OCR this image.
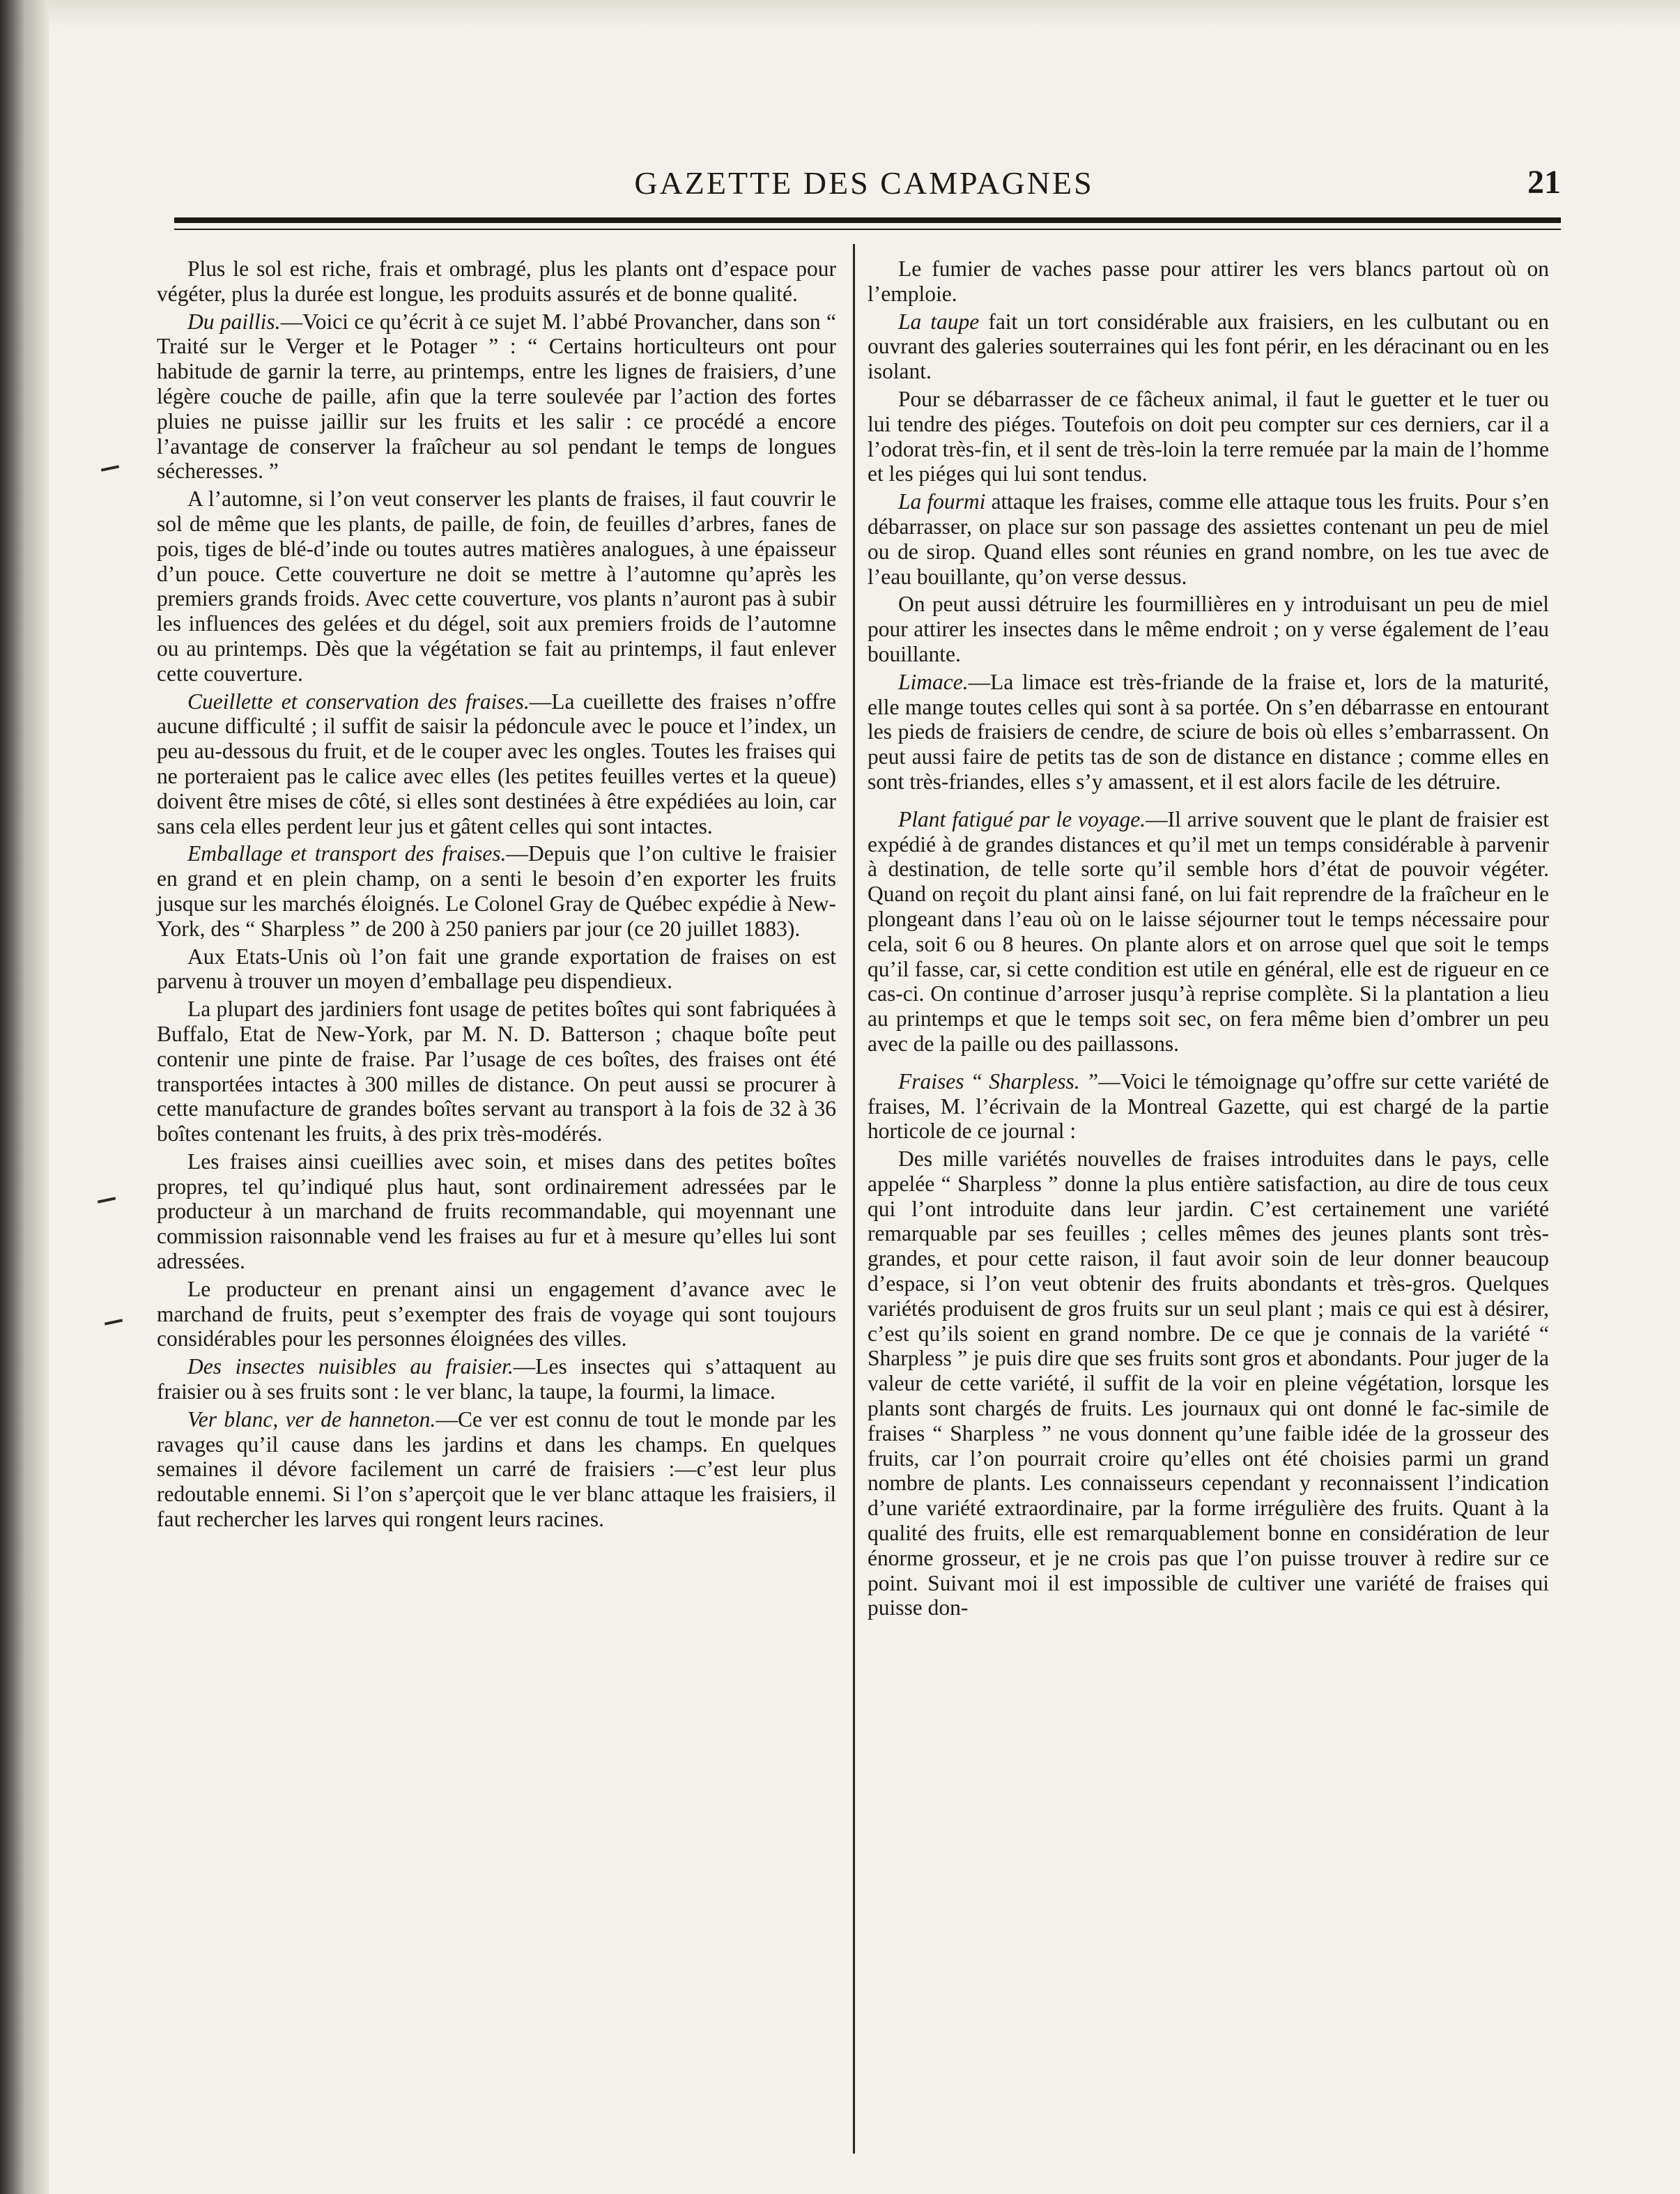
GAZETTE DES CAMPAGNES	21

Plus le sol est riche, frais et ombragé, plus les plants ont d’espace pour végéter, plus la durée est longue, les produits assurés et de bonne qualité.

Du paillis.—Voici ce qu’écrit à ce sujet M. l’abbé Provancher, dans son “ Traité sur le Verger et le Potager ” : “ Certains horticulteurs ont pour habitude de garnir la terre, au printemps, entre les lignes de fraisiers, d’une légère couche de paille, afin que la terre soulevée par l’action des fortes pluies ne puisse jaillir sur les fruits et les salir : ce procédé a encore l’avantage de conserver la fraîcheur au sol pendant le temps de longues sécheresses. ”

A l’automne, si l’on veut conserver les plants de fraises, il faut couvrir le sol de même que les plants, de paille, de foin, de feuilles d’arbres, fanes de pois, tiges de blé-d’inde ou toutes autres matières analogues, à une épaisseur d’un pouce. Cette couverture ne doit se mettre à l’automne qu’après les premiers grands froids. Avec cette couverture, vos plants n’auront pas à subir les influences des gelées et du dégel, soit aux premiers froids de l’automne ou au printemps. Dès que la végétation se fait au printemps, il faut enlever cette couverture.

Cueillette et conservation des fraises.—La cueillette des fraises n’offre aucune difficulté ; il suffit de saisir la pédoncule avec le pouce et l’index, un peu au-dessous du fruit, et de le couper avec les ongles. Toutes les fraises qui ne porteraient pas le calice avec elles (les petites feuilles vertes et la queue) doivent être mises de côté, si elles sont destinées à être expédiées au loin, car sans cela elles perdent leur jus et gâtent celles qui sont intactes.

Emballage et transport des fraises.—Depuis que l’on cultive le fraisier en grand et en plein champ, on a senti le besoin d’en exporter les fruits jusque sur les marchés éloignés. Le Colonel Gray de Québec expédie à New-York, des “ Sharpless ” de 200 à 250 paniers par jour (ce 20 juillet 1883).

Aux Etats-Unis où l’on fait une grande exportation de fraises on est parvenu à trouver un moyen d’emballage peu dispendieux.

La plupart des jardiniers font usage de petites boîtes qui sont fabriquées à Buffalo, Etat de New-York, par M. N. D. Batterson ; chaque boîte peut contenir une pinte de fraise. Par l’usage de ces boîtes, des fraises ont été transportées intactes à 300 milles de distance. On peut aussi se procurer à cette manufacture de grandes boîtes servant au transport à la fois de 32 à 36 boîtes contenant les fruits, à des prix très-modérés.

Les fraises ainsi cueillies avec soin, et mises dans des petites boîtes propres, tel qu’indiqué plus haut, sont ordinairement adressées par le producteur à un marchand de fruits recommandable, qui moyennant une commission raisonnable vend les fraises au fur et à mesure qu’elles lui sont adressées.

Le producteur en prenant ainsi un engagement d’avance avec le marchand de fruits, peut s’exempter des frais de voyage qui sont toujours considérables pour les personnes éloignées des villes.

Des insectes nuisibles au fraisier.—Les insectes qui s’attaquent au fraisier ou à ses fruits sont : le ver blanc, la taupe, la fourmi, la limace.

Ver blanc, ver de hanneton.—Ce ver est connu de tout le monde par les ravages qu’il cause dans les jardins et dans les champs. En quelques semaines il dévore facilement un carré de fraisiers :—c’est leur plus redoutable ennemi. Si l’on s’aperçoit que le ver blanc attaque les fraisiers, il faut rechercher les larves qui rongent leurs racines.

Le fumier de vaches passe pour attirer les vers blancs partout où on l’emploie.

La taupe fait un tort considérable aux fraisiers, en les culbutant ou en ouvrant des galeries souterraines qui les font périr, en les déracinant ou en les isolant.

Pour se débarrasser de ce fâcheux animal, il faut le guetter et le tuer ou lui tendre des piéges. Toutefois on doit peu compter sur ces derniers, car il a l’odorat très-fin, et il sent de très-loin la terre remuée par la main de l’homme et les piéges qui lui sont tendus.

La fourmi attaque les fraises, comme elle attaque tous les fruits. Pour s’en débarrasser, on place sur son passage des assiettes contenant un peu de miel ou de sirop. Quand elles sont réunies en grand nombre, on les tue avec de l’eau bouillante, qu’on verse dessus.

On peut aussi détruire les fourmillières en y introduisant un peu de miel pour attirer les insectes dans le même endroit ; on y verse également de l’eau bouillante.

Limace.—La limace est très-friande de la fraise et, lors de la maturité, elle mange toutes celles qui sont à sa portée. On s’en débarrasse en entourant les pieds de fraisiers de cendre, de sciure de bois où elles s’embarrassent. On peut aussi faire de petits tas de son de distance en distance ; comme elles en sont très-friandes, elles s’y amassent, et il est alors facile de les détruire.

Plant fatigué par le voyage.—Il arrive souvent que le plant de fraisier est expédié à de grandes distances et qu’il met un temps considérable à parvenir à destination, de telle sorte qu’il semble hors d’état de pouvoir végéter. Quand on reçoit du plant ainsi fané, on lui fait reprendre de la fraîcheur en le plongeant dans l’eau où on le laisse séjourner tout le temps nécessaire pour cela, soit 6 ou 8 heures. On plante alors et on arrose quel que soit le temps qu’il fasse, car, si cette condition est utile en général, elle est de rigueur en ce cas-ci. On continue d’arroser jusqu’à reprise complète. Si la plantation a lieu au printemps et que le temps soit sec, on fera même bien d’ombrer un peu avec de la paille ou des paillassons.

Fraises “ Sharpless. ”—Voici le témoignage qu’offre sur cette variété de fraises, M. l’écrivain de la Montreal Gazette, qui est chargé de la partie horticole de ce journal :

Des mille variétés nouvelles de fraises introduites dans le pays, celle appelée “ Sharpless ” donne la plus entière satisfaction, au dire de tous ceux qui l’ont introduite dans leur jardin. C’est certainement une variété remarquable par ses feuilles ; celles mêmes des jeunes plants sont très-grandes, et pour cette raison, il faut avoir soin de leur donner beaucoup d’espace, si l’on veut obtenir des fruits abondants et très-gros. Quelques variétés produisent de gros fruits sur un seul plant ; mais ce qui est à désirer, c’est qu’ils soient en grand nombre. De ce que je connais de la variété “ Sharpless ” je puis dire que ses fruits sont gros et abondants. Pour juger de la valeur de cette variété, il suffit de la voir en pleine végétation, lorsque les plants sont chargés de fruits. Les journaux qui ont donné le fac-simile de fraises “ Sharpless ” ne vous donnent qu’une faible idée de la grosseur des fruits, car l’on pourrait croire qu’elles ont été choisies parmi un grand nombre de plants. Les connaisseurs cependant y reconnaissent l’indication d’une variété extraordinaire, par la forme irrégulière des fruits. Quant à la qualité des fruits, elle est remarquablement bonne en considération de leur énorme grosseur, et je ne crois pas que l’on puisse trouver à redire sur ce point. Suivant moi il est impossible de cultiver une variété de fraises qui puisse don-
